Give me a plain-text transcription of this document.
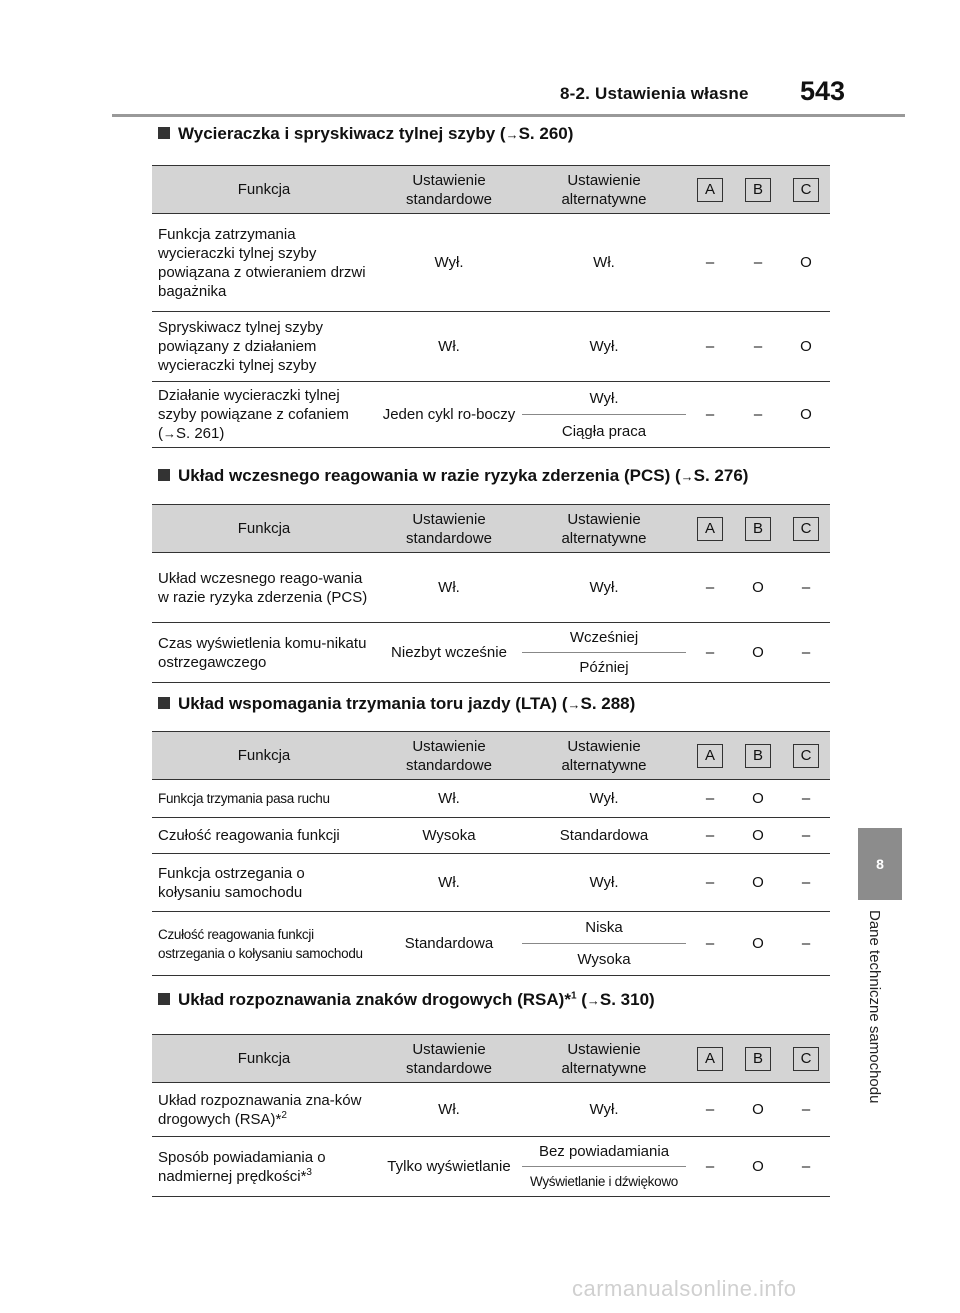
8-2. Ustawienia własne	543
8
Dane techniczne samochodu
Wycieraczka i spryskiwacz tylnej szyby (→S. 260)
Funkcja	Ustawienie standardowe	Ustawienie alternatywne	A	B	C
Funkcja zatrzymania wycieraczki tylnej szyby powiązana z otwieraniem drzwi bagażnika	Wył.	Wł.	–	–	O
Spryskiwacz tylnej szyby powiązany z działaniem wycieraczki tylnej szyby	Wł.	Wył.	–	–	O
Działanie wycieraczki tylnej szyby powiązane z cofaniem (→S. 261)	Jeden cykl ro-boczy	Wył.	–	–	O
		Ciągła praca			
Układ wczesnego reagowania w razie ryzyka zderzenia (PCS) (→S. 276)
Funkcja	Ustawienie standardowe	Ustawienie alternatywne	A	B	C
Układ wczesnego reago-wania w razie ryzyka zderzenia (PCS)	Wł.	Wył.	–	O	–
Czas wyświetlenia komu-nikatu ostrzegawczego	Niezbyt wcześnie	Wcześniej	–	O	–
		Później			
Układ wspomagania trzymania toru jazdy (LTA) (→S. 288)
Funkcja	Ustawienie standardowe	Ustawienie alternatywne	A	B	C
Funkcja trzymania pasa ruchu	Wł.	Wył.	–	O	–
Czułość reagowania funkcji	Wysoka	Standardowa	–	O	–
Funkcja ostrzegania o kołysaniu samochodu	Wł.	Wył.	–	O	–
Czułość reagowania funkcji ostrzegania o kołysaniu samochodu	Standardowa	Niska	–	O	–
		Wysoka			
Układ rozpoznawania znaków drogowych (RSA)*$^1$ (→S. 310)
Funkcja	Ustawienie standardowe	Ustawienie alternatywne	A	B	C
Układ rozpoznawania zna-ków drogowych (RSA)*$^2$	Wł.	Wył.	–	O	–
Sposób powiadamiania o nadmiernej prędkości*$^3$	Tylko wyświetlanie	Bez powiadamiania	–	O	–
		Wyświetlanie i dźwiękowo			
carmanualsonline.info
